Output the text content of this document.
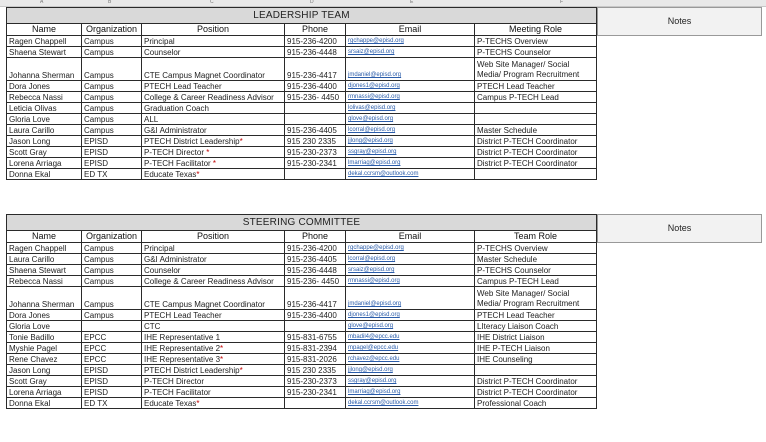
A	B	C	D	E	F
LEADERSHIP TEAM					
Name	Organization	Position	Phone	Email	Meeting Role
Ragen Chappell	Campus	Principal	915-236-4200	rgchappe@episd.org	P-TECHS Overview
Shaena Stewart	Campus	Counselor	915-236-4448	srsaiz@episd.org	P-TECHS Counselor
Johanna Sherman	Campus	CTE Campus Magnet Coordinator	915-236-4417	jmdaniel@episd.org	Web Site Manager/ Social Media/ Program Recruitment
Dora Jones	Campus	PTECH Lead Teacher	915-236-4400	djones1@episd.org	PTECH Lead Teacher
Rebecca Nassi	Campus	College & Career Readiness Advisor	915-236- 4450	rmnassi@episd.org	Campus P-TECH Lead
Leticia Olivas	Campus	Graduation Coach		lolivas@episd.org	
Gloria Love	Campus	ALL		glove@episd.org	
Laura Carillo	Campus	G&I Administrator	915-236-4405	lcorral@episd.org	Master Schedule
Jason Long	EPISD	PTECH District Leadership*	915 230 2335	jjlong@episd.org	District P-TECH Coordinator
Scott Gray	EPISD	P-TECH Director *	915-230-2373	ssgray@episd.org	District P-TECH Coordinator
Lorena Arriaga	EPISD	P-TECH Facilitator *	915-230-2341	lmarriag@episd.org	District P-TECH Coordinator
Donna Ekal	ED TX	Educate Texas*		dekal.ccrsm@outlook.com	
Notes
STEERING COMMITTEE					
Name	Organization	Position	Phone	Email	Team Role
Ragen Chappell	Campus	Principal	915-236-4200	rgchappe@episd.org	P-TECHS Overview
Laura Carillo	Campus	G&I Administrator	915-236-4405	lcorral@episd.org	Master Schedule
Shaena Stewart	Campus	Counselor	915-236-4448	srsaiz@episd.org	P-TECHS Counselor
Rebecca Nassi	Campus	College & Career Readiness Advisor	915-236- 4450	rmnassi@episd.org	Campus P-TECH Lead
Johanna Sherman	Campus	CTE Campus Magnet Coordinator	915-236-4417	jmdaniel@episd.org	Web Site Manager/ Social Media/ Program Recruitment
Dora Jones	Campus	PTECH Lead Teacher	915-236-4400	djones1@episd.org	PTECH Lead Teacher
Gloria Love		CTC		glove@episd.org	LIteracy Liaison Coach
Tonie Badillo	EPCC	IHE Representative 1	915-831-6755	mbadil4@epcc.edu	IHE District Liaison
Myshie Pagel	EPCC	IHE Representative 2*	915-831-2394	mpagel@epcc.edu	IHE P-TECH Liaison
Rene Chavez	EPCC	IHE Representative 3*	915-831-2026	rchavez@epcc.edu	IHE Counseling
Jason Long	EPISD	PTECH District Leadership*	915 230 2335	jjlong@episd.org	
Scott Gray	EPISD	P-TECH Director	915-230-2373	ssgray@episd.org	District P-TECH Coordinator
Lorena Arriaga	EPISD	P-TECH Facilitator	915-230-2341	lmarriag@episd.org	District P-TECH Coordinator
Donna Ekal	ED TX	Educate Texas*		dekal.ccrsm@outlook.com	Professional Coach
Notes
